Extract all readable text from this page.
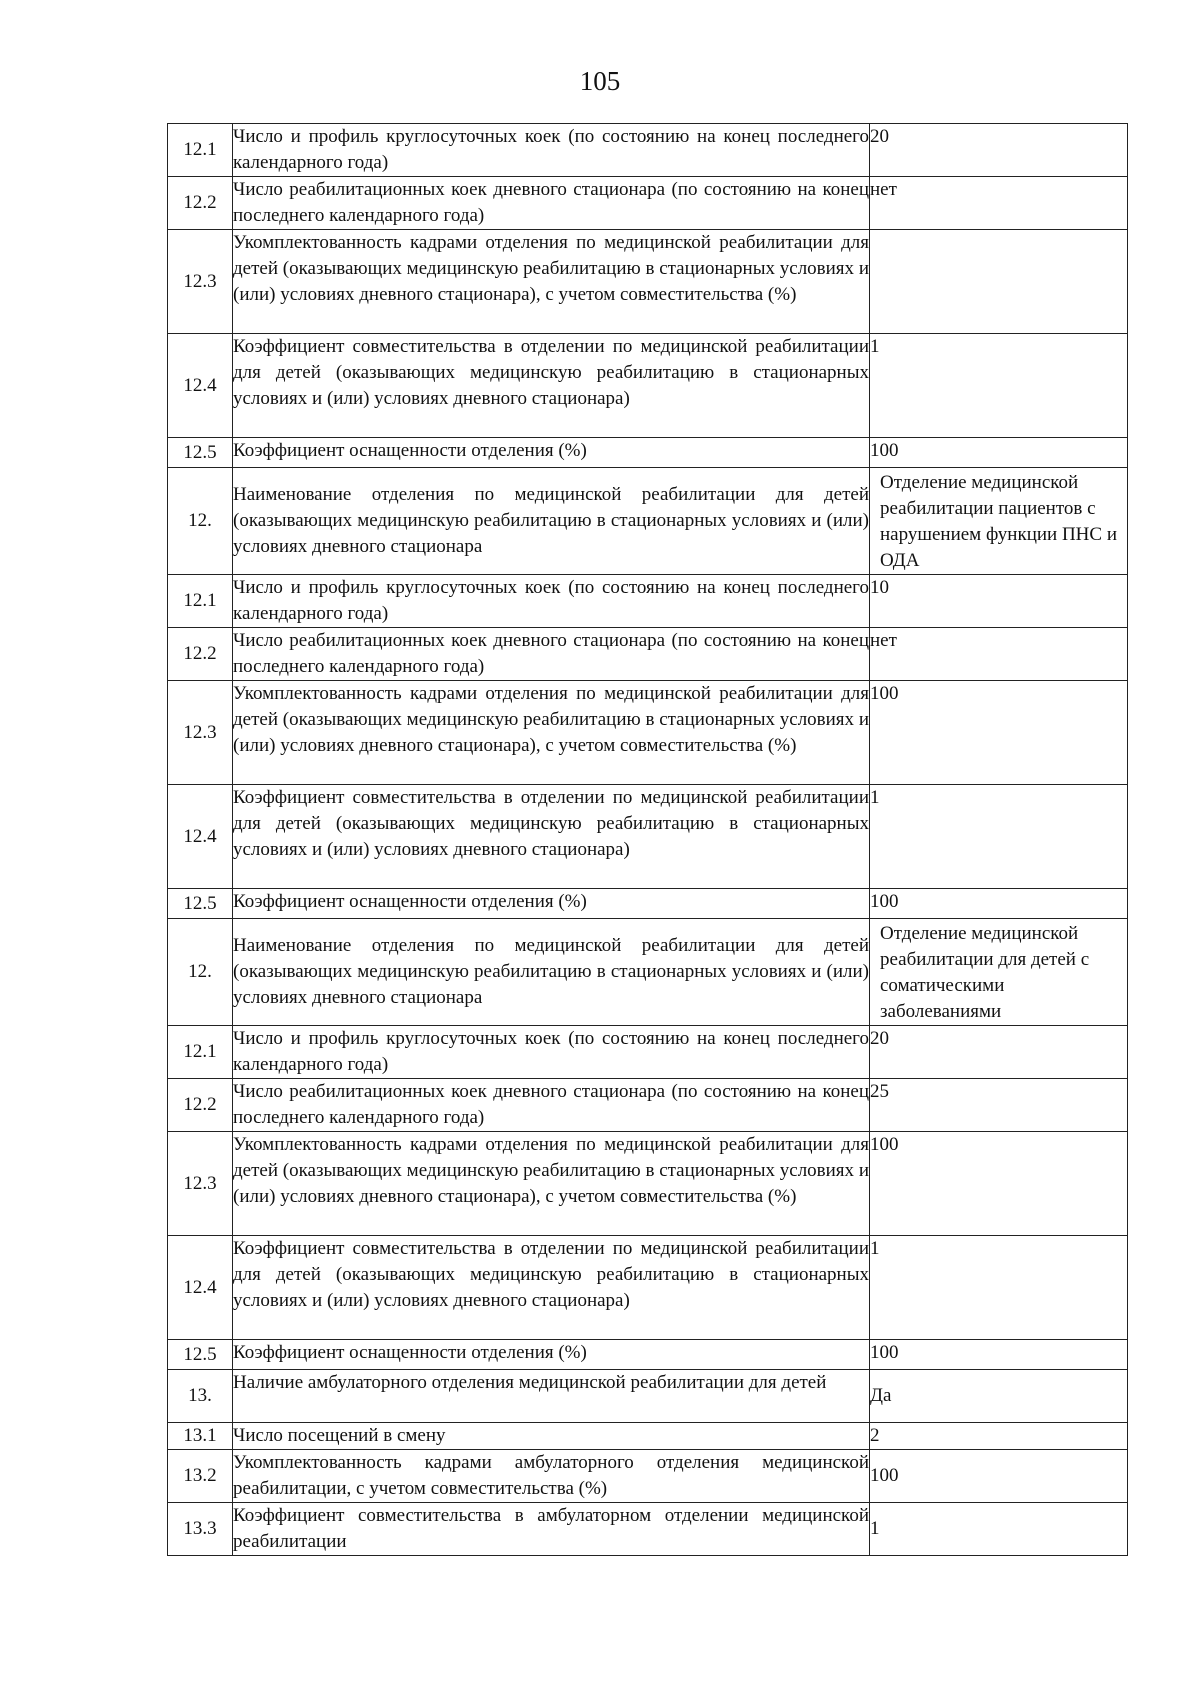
105
12.1	Число и профиль круглосуточных коек (по состоянию на конец последнего календарного года)	20
12.2	Число реабилитационных коек дневного стационара (по состоянию на конец последнего календарного года)	нет
12.3	Укомплектованность кадрами отделения по медицинской реабилитации для детей (оказывающих медицинскую реабилитацию в стационарных условиях и (или) условиях дневного стационара), с учетом совместительства (%)	
12.4	Коэффициент совместительства в отделении по медицинской реабилитации для детей (оказывающих медицинскую реабилитацию в стационарных условиях и (или) условиях дневного стационара)	1
12.5	Коэффициент оснащенности отделения (%)	100
12.	Наименование отделения по медицинской реабилитации для детей (оказывающих медицинскую реабилитацию в стационарных условиях и (или) условиях дневного стационара	Отделение медицинской реабилитации пациентов с нарушением функции ПНС и ОДА
12.1	Число и профиль круглосуточных коек (по состоянию на конец последнего календарного года)	10
12.2	Число реабилитационных коек дневного стационара (по состоянию на конец последнего календарного года)	нет
12.3	Укомплектованность кадрами отделения по медицинской реабилитации для детей (оказывающих медицинскую реабилитацию в стационарных условиях и (или) условиях дневного стационара), с учетом совместительства (%)	100
12.4	Коэффициент совместительства в отделении по медицинской реабилитации для детей (оказывающих медицинскую реабилитацию в стационарных условиях и (или) условиях дневного стационара)	1
12.5	Коэффициент оснащенности отделения (%)	100
12.	Наименование отделения по медицинской реабилитации для детей (оказывающих медицинскую реабилитацию в стационарных условиях и (или) условиях дневного стационара	Отделение медицинской реабилитации для детей с соматическими заболеваниями
12.1	Число и профиль круглосуточных коек (по состоянию на конец последнего календарного года)	20
12.2	Число реабилитационных коек дневного стационара (по состоянию на конец последнего календарного года)	25
12.3	Укомплектованность кадрами отделения по медицинской реабилитации для детей (оказывающих медицинскую реабилитацию в стационарных условиях и (или) условиях дневного стационара), с учетом совместительства (%)	100
12.4	Коэффициент совместительства в отделении по медицинской реабилитации для детей (оказывающих медицинскую реабилитацию в стационарных условиях и (или) условиях дневного стационара)	1
12.5	Коэффициент оснащенности отделения (%)	100
13.	Наличие амбулаторного отделения медицинской реабилитации для детей	Да
13.1	Число посещений в смену	2
13.2	Укомплектованность кадрами амбулаторного отделения медицинской реабилитации, с учетом совместительства (%)	100
13.3	Коэффициент совместительства в амбулаторном отделении медицинской реабилитации	1
